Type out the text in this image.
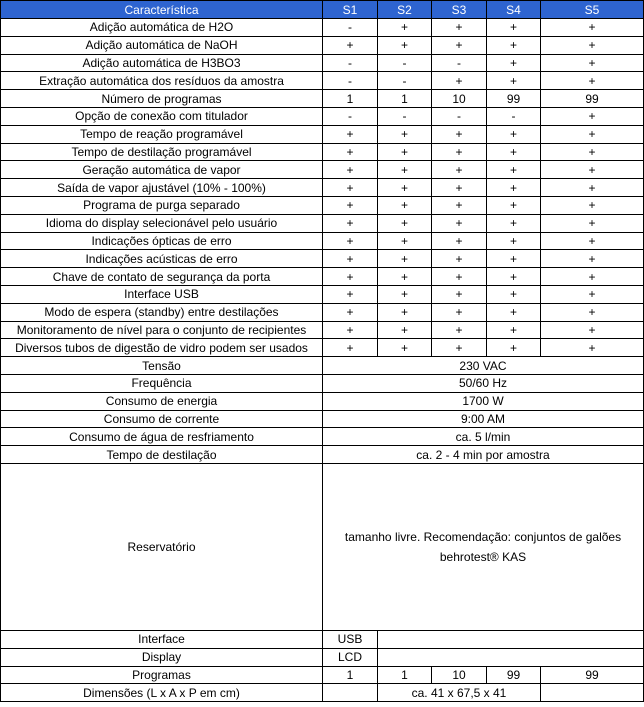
Característica	S1	S2	S3	S4	S5
Adição automática de H2O	-	+	+	+	+
Adição automática de NaOH	+	+	+	+	+
Adição automática de H3BO3	-	-	-	+	+
Extração automática dos resíduos da amostra	-	-	+	+	+
Número de programas	1	1	10	99	99
Opção de conexão com titulador	-	-	-	-	+
Tempo de reação programável	+	+	+	+	+
Tempo de destilação programável	+	+	+	+	+
Geração automática de vapor	+	+	+	+	+
Saída de vapor ajustável (10% - 100%)	+	+	+	+	+
Programa de purga separado	+	+	+	+	+
Idioma do display selecionável pelo usuário	+	+	+	+	+
Indicações ópticas de erro	+	+	+	+	+
Indicações acústicas de erro	+	+	+	+	+
Chave de contato de segurança da porta	+	+	+	+	+
Interface USB	+	+	+	+	+
Modo de espera (standby) entre destilações	+	+	+	+	+
Monitoramento de nível para o conjunto de recipientes	+	+	+	+	+
Diversos tubos de digestão de vidro podem ser usados	+	+	+	+	+
Tensão	230 VAC				
Frequência	50/60 Hz				
Consumo de energia	1700 W				
Consumo de corrente	9:00 AM				
Consumo de água de resfriamento	ca. 5 l/min				
Tempo de destilação	ca. 2 - 4 min por amostra				
Reservatório	tamanho livre. Recomendação: conjuntos de galões behrotest® KAS				

Interface	USB				
Display	LCD				
Programas	1	1	10	99	99
Dimensões (L x A x P em cm)		ca. 41 x 67,5 x 41			
